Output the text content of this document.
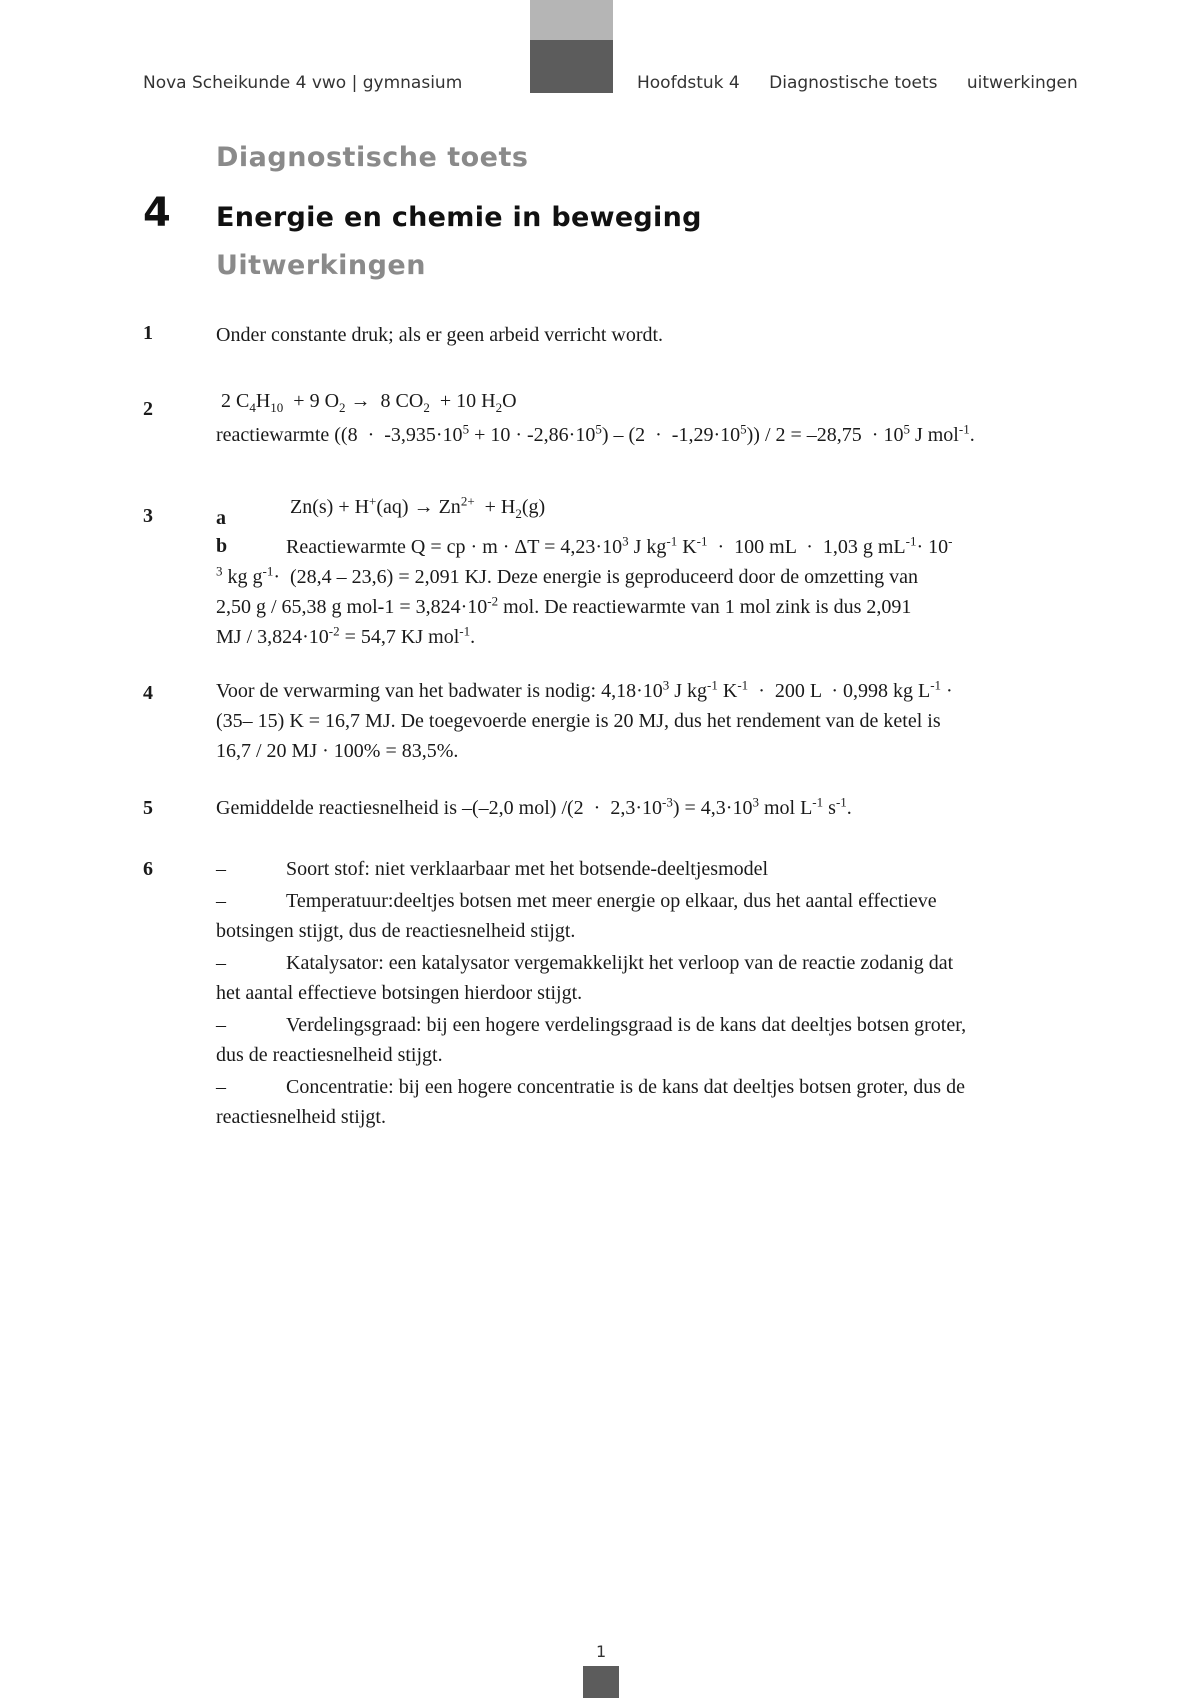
Nova Scheikunde 4 vwo | gymnasium	Hoofdstuk 4 Diagnostische toets uitwerkingen
Diagnostische toets
4 Energie en chemie in beweging
Uitwerkingen
1	Onder constante druk; als er geen arbeid verricht wordt.
2	2 $C_4H_{10} + 9$ $O_2 \to 8$ $CO_2 + 10$ $H_2O$

reactiewarmte $((8 \cdot -3,935\cdot 10^5 + 10 \cdot -2,86\cdot 10^5) - (2 \cdot -1,29\cdot 10^5)) / 2 = -28,75 \cdot 10^5$ J mol$^{-1}$.

3	a	$Zn(s) + H^+(aq) \to Zn^{2+} + H_2(g)$

b	Reactiewarmte Q = cp · $m \cdot \Delta T = 4,23\cdot 10^3$ J $kg^{-1}$ $K^{-1} \cdot 100$ mL  ·  1,03 g $mL^{-1}\cdot 10^-$

$^3$ kg $g^{-1}\cdot (28,4 - 23,6) = 2,091$ KJ. Deze energie is geproduceerd door de omzetting van

2,50 g / 65,38 g $mol-1 = 3,824\cdot 10^{-2}$ mol. De reactiewarmte van 1 mol zink is dus 2,091

MJ / $3,824\cdot 10^{-2} = 54,7$ KJ mol$^{-1}$.

4	Voor de verwarming van het badwater is nodig: $4,18\cdot 10^3$ J $kg^{-1}$ $K^{-1} \cdot 200$ L  · 0,998 kg $L^{-1}$ ·

(35– 15) K = 16,7 MJ. De toegevoerde energie is 20 MJ, dus het rendement van de ketel is

16,7 / 20 MJ · 100% = 83,5%.

5	Gemiddelde reactiesnelheid is –(–2,0 mol) $/(2 \cdot 2,3\cdot 10^{-3}) = 4,3\cdot 10^3$ mol $L^{-1}$ $s^{-1}$.

6	–	Soort stof: niet verklaarbaar met het botsende-deeltjesmodel

–	Temperatuur:deeltjes botsen met meer energie op elkaar, dus het aantal effectieve

botsingen stijgt, dus de reactiesnelheid stijgt.

–	Katalysator: een katalysator vergemakkelijkt het verloop van de reactie zodanig dat

het aantal effectieve botsingen hierdoor stijgt.

–	Verdelingsgraad: bij een hogere verdelingsgraad is de kans dat deeltjes botsen groter,

dus de reactiesnelheid stijgt.

–	Concentratie: bij een hogere concentratie is de kans dat deeltjes botsen groter, dus de

reactiesnelheid stijgt.

1
